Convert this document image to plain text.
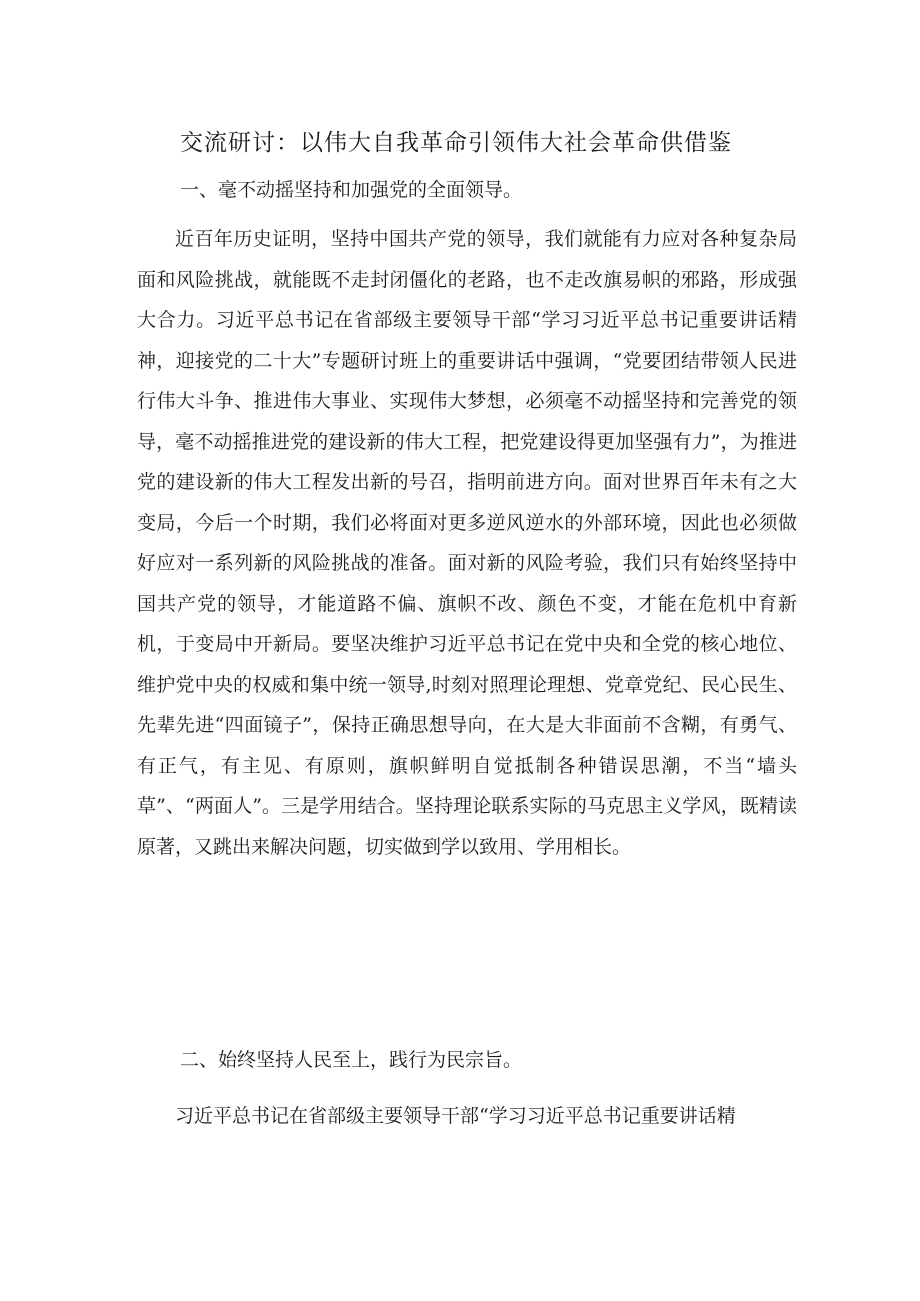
交流研讨：以伟大自我革命引领伟大社会革命供借鉴

一、毫不动摇坚持和加强党的全面领导。

近百年历史证明，坚持中国共产党的领导，我们就能有力应对各种复杂局面和风险挑战，就能既不走封闭僵化的老路，也不走改旗易帜的邪路，形成强大合力。习近平总书记在省部级主要领导干部“学习习近平总书记重要讲话精神，迎接党的二十大”专题研讨班上的重要讲话中强调，“党要团结带领人民进行伟大斗争、推进伟大事业、实现伟大梦想，必须毫不动摇坚持和完善党的领导，毫不动摇推进党的建设新的伟大工程，把党建设得更加坚强有力”，为推进党的建设新的伟大工程发出新的号召，指明前进方向。面对世界百年未有之大变局，今后一个时期，我们必将面对更多逆风逆水的外部环境，因此也必须做好应对一系列新的风险挑战的准备。面对新的风险考验，我们只有始终坚持中国共产党的领导，才能道路不偏、旗帜不改、颜色不变，才能在危机中育新机，于变局中开新局。要坚决维护习近平总书记在党中央和全党的核心地位、维护党中央的权威和集中统一领导,时刻对照理论理想、党章党纪、民心民生、先辈先进“四面镜子”，保持正确思想导向，在大是大非面前不含糊，有勇气、有正气，有主见、有原则，旗帜鲜明自觉抵制各种错误思潮，不当“墙头草”、“两面人”。三是学用结合。坚持理论联系实际的马克思主义学风，既精读原著，又跳出来解决问题，切实做到学以致用、学用相长。

二、始终坚持人民至上，践行为民宗旨。

习近平总书记在省部级主要领导干部“学习习近平总书记重要讲话精
